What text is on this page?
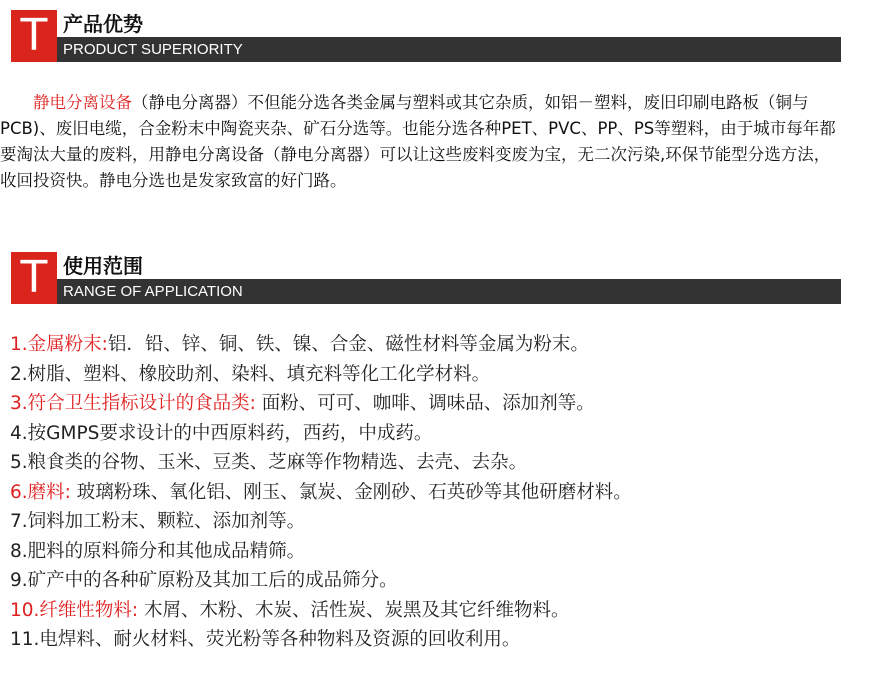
T 产品优势
PRODUCT SUPERIORITY

静电分离设备（静电分离器）不但能分选各类金属与塑料或其它杂质，如铝－塑料，废旧印刷电路板（铜与PCB)、废旧电缆，合金粉末中陶瓷夹杂、矿石分选等。也能分选各种PET、PVC、PP、PS等塑料，由于城市每年都要淘汰大量的废料，用静电分离设备（静电分离器）可以让这些废料变废为宝，无二次污染,环保节能型分选方法，收回投资快。静电分选也是发家致富的好门路。

T 使用范围
RANGE OF APPLICATION
1.金属粉末:铝．铅、锌、铜、铁、镍、合金、磁性材料等金属为粉末。
2.树脂、塑料、橡胶助剂、染料、填充料等化工化学材料。
3.符合卫生指标设计的食品类: 面粉、可可、咖啡、调味品、添加剂等。
4.按GMPS要求设计的中西原料药，西药，中成药。
5.粮食类的谷物、玉米、豆类、芝麻等作物精选、去壳、去杂。
6.磨料: 玻璃粉珠、氧化铝、刚玉、氯炭、金刚砂、石英砂等其他研磨材料。
7.饲料加工粉末、颗粒、添加剂等。
8.肥料的原料筛分和其他成品精筛。
9.矿产中的各种矿原粉及其加工后的成品筛分。
10.纤维性物料: 木屑、木粉、木炭、活性炭、炭黑及其它纤维物料。
11.电焊料、耐火材料、荧光粉等各种物料及资源的回收利用。
